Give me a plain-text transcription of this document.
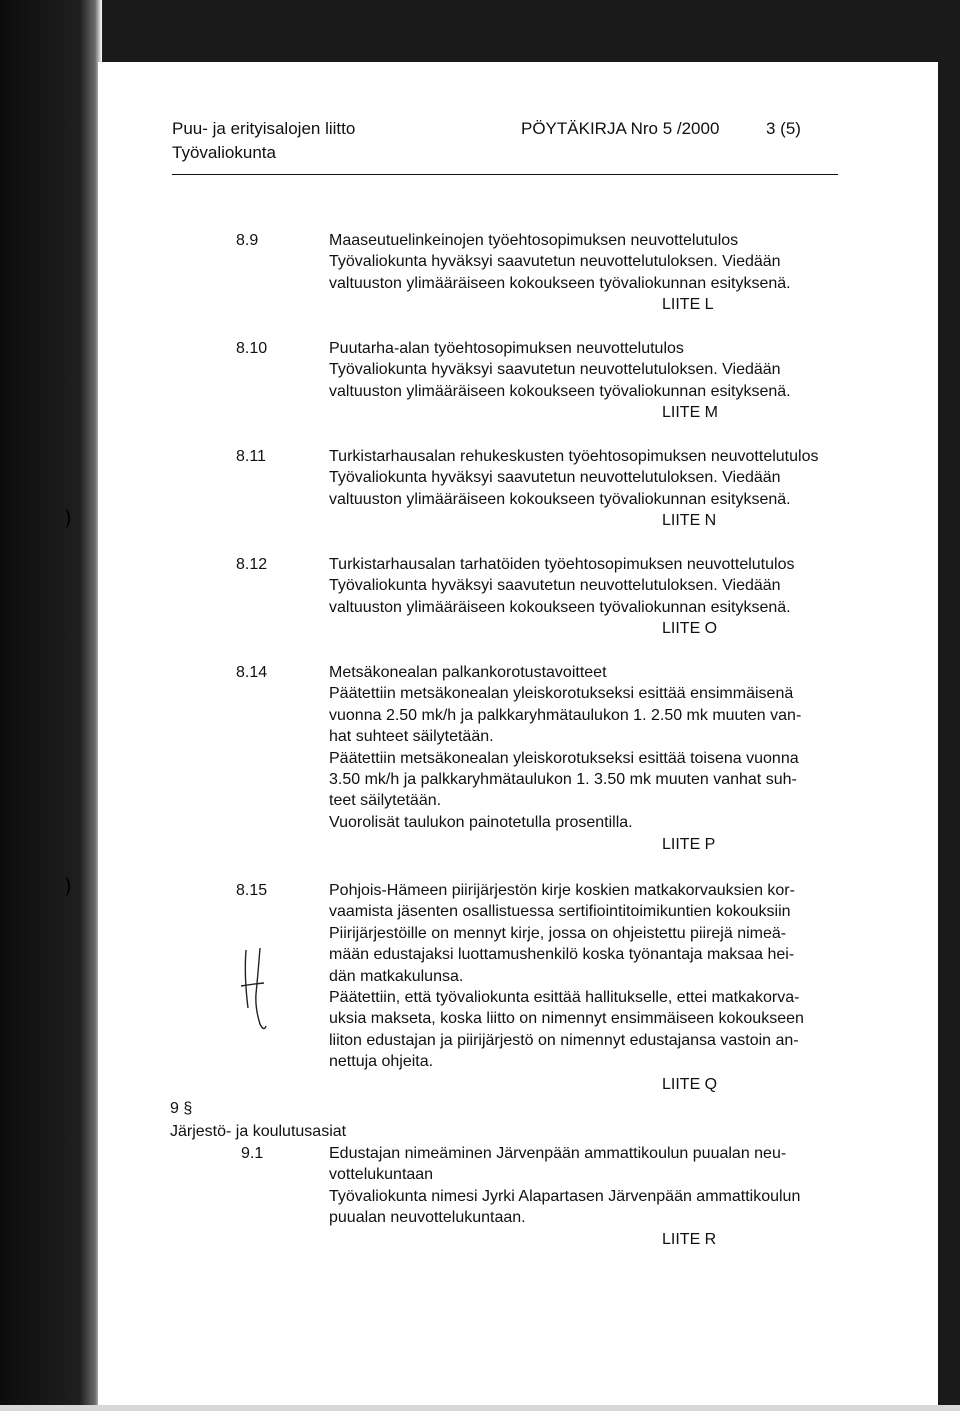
)
)
Puu- ja erityisalojen liitto
Työvaliokunta
PÖYTÄKIRJA Nro 5 /2000	3 (5)
8.9	Maaseutuelinkeinojen työehtosopimuksen neuvottelutulos

Työvaliokunta hyväksyi saavutetun neuvottelutuloksen. Viedään

valtuuston ylimääräiseen kokoukseen työvaliokunnan esityksenä.

LIITE L
8.10	Puutarha-alan työehtosopimuksen neuvottelutulos

Työvaliokunta hyväksyi saavutetun neuvottelutuloksen. Viedään

valtuuston ylimääräiseen kokoukseen työvaliokunnan esityksenä.

LIITE M
8.11	Turkistarhausalan rehukeskusten työehtosopimuksen neuvottelutulos

Työvaliokunta hyväksyi saavutetun neuvottelutuloksen. Viedään

valtuuston ylimääräiseen kokoukseen työvaliokunnan esityksenä.

LIITE N
8.12	Turkistarhausalan tarhatöiden työehtosopimuksen neuvottelutulos

Työvaliokunta hyväksyi saavutetun neuvottelutuloksen. Viedään

valtuuston ylimääräiseen kokoukseen työvaliokunnan esityksenä.

LIITE O
8.14	Metsäkonealan palkankorotustavoitteet

Päätettiin metsäkonealan yleiskorotukseksi esittää ensimmäisenä

vuonna 2.50 mk/h ja palkkaryhmätaulukon 1. 2.50 mk muuten van-

hat suhteet säilytetään.

Päätettiin metsäkonealan yleiskorotukseksi esittää toisena vuonna

3.50 mk/h ja palkkaryhmätaulukon 1. 3.50 mk muuten vanhat suh-

teet säilytetään.

Vuorolisät taulukon painotetulla prosentilla.

LIITE P
8.15	Pohjois-Hämeen piirijärjestön kirje koskien matkakorvauksien kor-

vaamista jäsenten osallistuessa sertifiointitoimikuntien kokouksiin

Piirijärjestöille on mennyt kirje, jossa on ohjeistettu piirejä nimeä-

mään edustajaksi luottamushenkilö koska työnantaja maksaa hei-

dän matkakulunsa.

Päätettiin, että työvaliokunta esittää hallitukselle, ettei matkakorva-

uksia makseta, koska liitto on nimennyt ensimmäiseen kokoukseen

liiton edustajan ja piirijärjestö on nimennyt edustajansa vastoin an-

nettuja ohjeita.

LIITE Q
9 §
Järjestö- ja koulutusasiat
9.1	Edustajan nimeäminen Järvenpään ammattikoulun puualan neu-

vottelukuntaan

Työvaliokunta nimesi Jyrki Alapartasen Järvenpään ammattikoulun

puualan neuvottelukuntaan.

LIITE R
